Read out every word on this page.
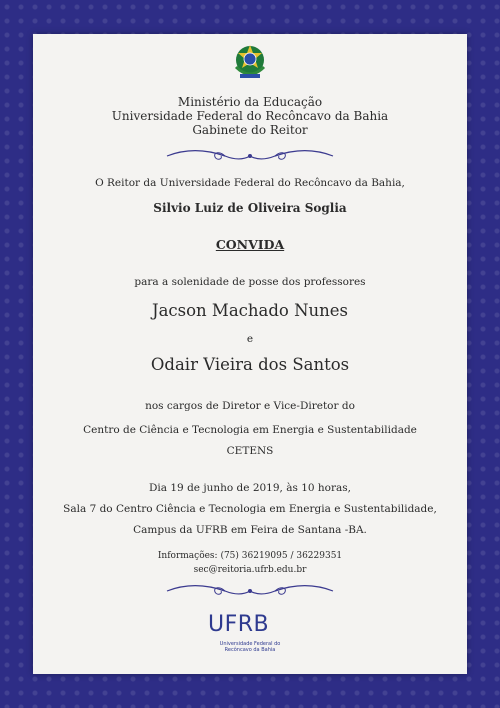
Ministério da Educação
Universidade Federal do Recôncavo da Bahia
Gabinete do Reitor
O Reitor da Universidade Federal do Recôncavo da Bahia,
Silvio Luiz de Oliveira Soglia
CONVIDA
para a solenidade de posse dos professores
Jacson Machado Nunes
e
Odair Vieira dos Santos
nos cargos de Diretor e Vice-Diretor do
Centro de Ciência e Tecnologia em Energia e Sustentabilidade
CETENS
Dia 19 de junho de 2019, às 10 horas,
Sala 7 do Centro Ciência e Tecnologia em Energia e Sustentabilidade,
Campus da UFRB em Feira de Santana -BA.
Informações: (75) 36219095 / 36229351
sec@reitoria.ufrb.edu.br
UFRB
Universidade Federal do Recôncavo da Bahia
